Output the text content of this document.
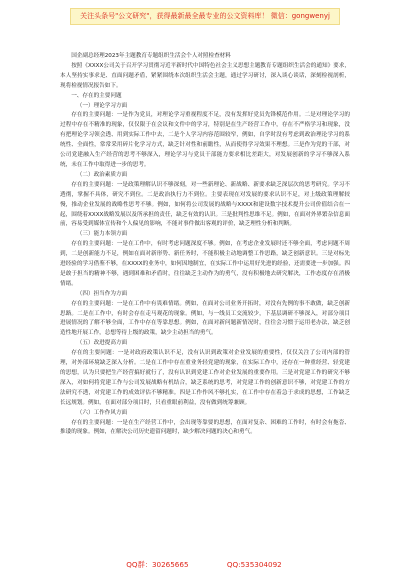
关注头条号"公文研究"，获得最新最全最专业的公文资料库！ 微信：gongwenyj

国企副总经理2023年主题教育专题组织生活会个人对照检查材料

按照《XXXX公司关于召开学习贯彻习近平新时代中国特色社会主义思想主题教育专题组织生活会的通知》要求，本人坚持实事求是、直面问题矛盾，紧紧围绕本次组织生活会主题，通过学习研讨，深入谈心谈话，深刻检视剖析，现将检视情况报告如下。

一、存在的主要问题

（一）理论学习方面

存在的主要问题：一是作为党员，对理论学习重视程度不足，没有发挥好党员先锋模范作用。二是对理论学习的过程中存在不精准的现象，仅仅限于在会议和文件中的学习，特别是在生产经营工作中，存在不严格学习和现象，没有把理论学习领会透、用到实际工作中去，二是个人学习内容范围较窄，例如，自学时没有考虑到政治理论学习的系统性、全面性，常常采用碎片化学习方式，缺乏针对性和前瞻性，从而使得学习效果不理想。三是作为党的干部，对公司党建融入生产经营的思考不够深入，理论学习与党员干部能力要求相比差距大，对发展创新的学习不够深入系统，未在工作中取得进一步的思考。

（二）政治素质方面

存在的主要问题：一是政策理解认识不够深刻，对一些新理论、新战略、新要求缺乏深层次的思考研究。学习不透彻，掌握不具体，研究不到位。二是政治执行力不到位。主要表现在对发展的要求认识不足，对上级政策理解较慢，推动企业发展的战略性思考不够。例如，如何将公司发展的战略与XXXX和建设数字技术提升公司价值结合在一起，围绕着XXXX战略发展以及所承担的责任，缺乏有效的认识。三是批判性思维不足。例如，在面对外界繁杂信息面前，容易受到媒体宣传和个人偏见的影响，不能对事件做出客观的评价，缺乏理性分析和判断。

（三）能力本领方面

存在的主要问题：一是在工作中，有时考虑问题深度不够。例如，在考虑企业发展时还不够全面，考虑问题不周到，二是创新能力不足，例如在面对新形势、新任务时，不能积极主动地调整工作思路，缺乏创新意识。三是对标先进经验的学习借鉴不够，在XXXX的业务中，如何因地制宜，在实际工作中运用好先进的经验，还需要进一步加强。四是敢于担当的精神不够，遇到困难和矛盾时，往往缺乏主动作为的勇气，没有积极地去研究解决，工作态度存在消极情绪。

（四）担当作为方面

存在的主要问题：一是在工作中有畏难情绪。例如，在面对公司业务开拓时，对没有先例的事不敢做，缺乏创新思路。二是在工作中，有时会存在走马观花的现象。例如，与一线员工交流较少，下基层调研不够深入，对部分项目进展情况的了解不够全面，工作中存在等靠思想。例如，在面对新问题新情况时，往往会习惯于运用老办法，缺乏创造性地开展工作，总想等待上级的政策，缺少主动担当的勇气。

（五）改进提高方面

存在的主要问题：一是对政府政策认识不足，没有认识到政策对企业发展的重要性，仅仅关注了公司内部的管理，对外部环境缺乏深入分析。二是在工作中存在重业务轻党建的现象，在实际工作中，还存在一种重经营、轻党建的思想，认为只要把生产经营搞好就行了，没有认识到党建工作对企业发展的重要作用。三是对党建工作的研究不够深入，对如何将党建工作与公司发展战略有机结合，缺乏系统的思考，对党建工作的创新意识不够，对党建工作的方法研究不透，对党建工作的成效评估不够精准。四是工作作风不够扎实，在工作中存在着急于求成的思想，工作缺乏长远规划。例如，在面对部分项目时，只看重眼前利益，没有做到统筹兼顾。

（六）工作作风方面

存在的主要问题：一是在生产经营工作中，会出现等靠要的思想，在面对复杂、困难的工作时，有时会有拖沓、推诿的现象。例如，在解决公司历史遗留问题时，缺少解决问题的决心和勇气。

QQ群：30265665	QQ:535304092
